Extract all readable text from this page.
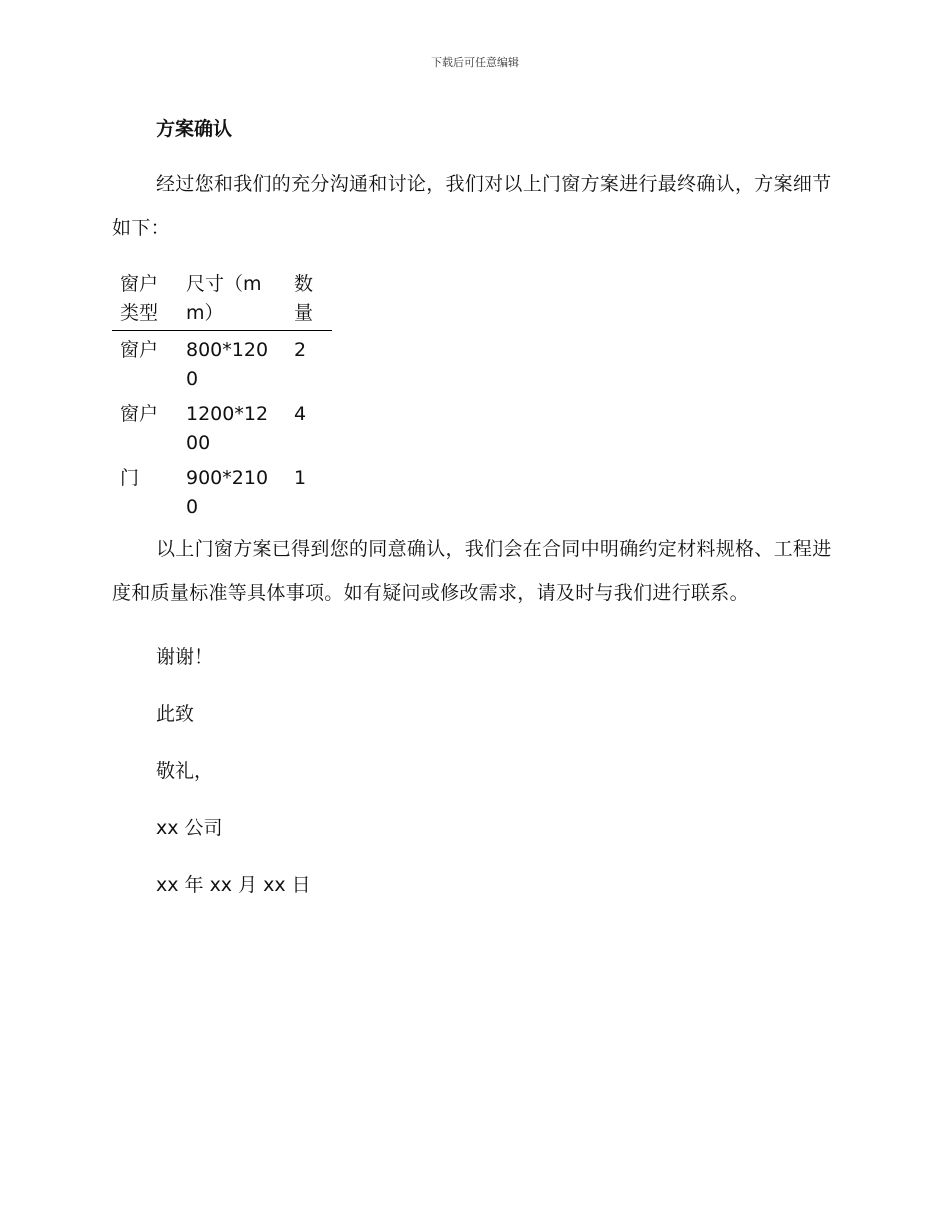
下载后可任意编辑
方案确认

经过您和我们的充分沟通和讨论，我们对以上门窗方案进行最终确认，方案细节如下：

窗户类型	尺寸（mm）	数量
窗户	800*1200	2
窗户	1200*1200	4
门	900*2100	1

以上门窗方案已得到您的同意确认，我们会在合同中明确约定材料规格、工程进度和质量标准等具体事项。如有疑问或修改需求，请及时与我们进行联系。

谢谢！

此致

敬礼，

xx 公司

xx 年 xx 月 xx 日
